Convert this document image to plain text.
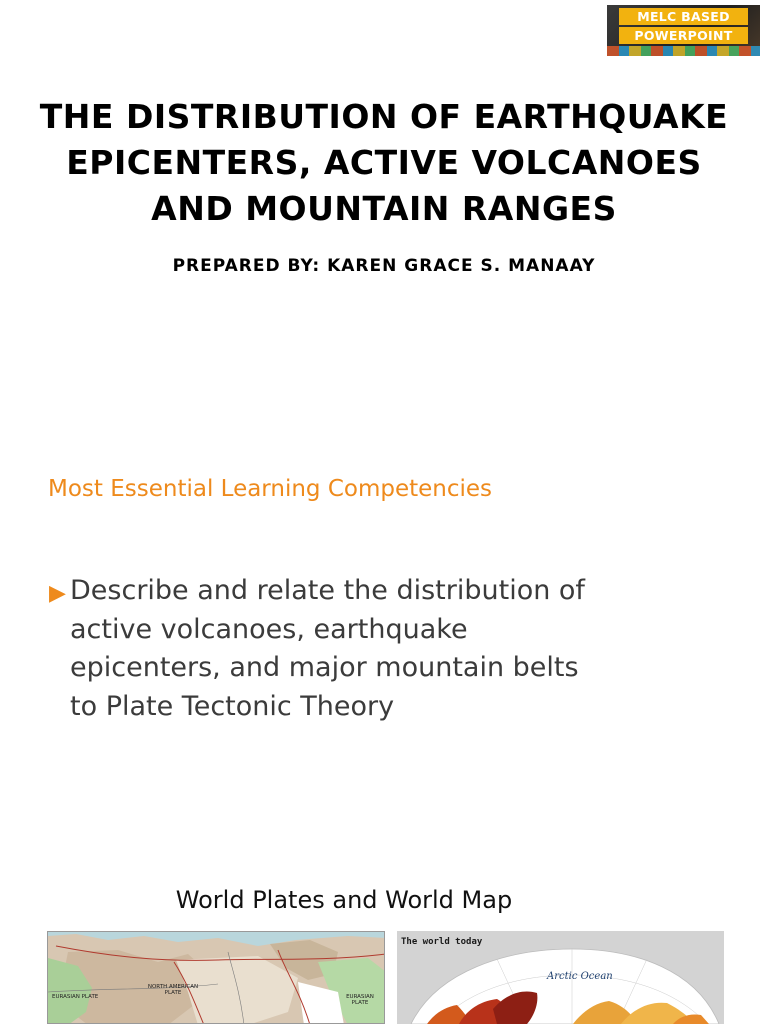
MELC BASED
POWERPOINT
THE DISTRIBUTION OF EARTHQUAKE
EPICENTERS, ACTIVE VOLCANOES
AND MOUNTAIN RANGES
PREPARED BY: KAREN GRACE S. MANAAY
Most Essential Learning Competencies
▶ Describe and relate the distribution of active volcanoes, earthquake epicenters, and major mountain belts to Plate Tectonic Theory
World Plates and World Map
EURASIAN PLATE
NORTH AMERICAN PLATE
EURASIAN PLATE
The world today
Arctic Ocean
